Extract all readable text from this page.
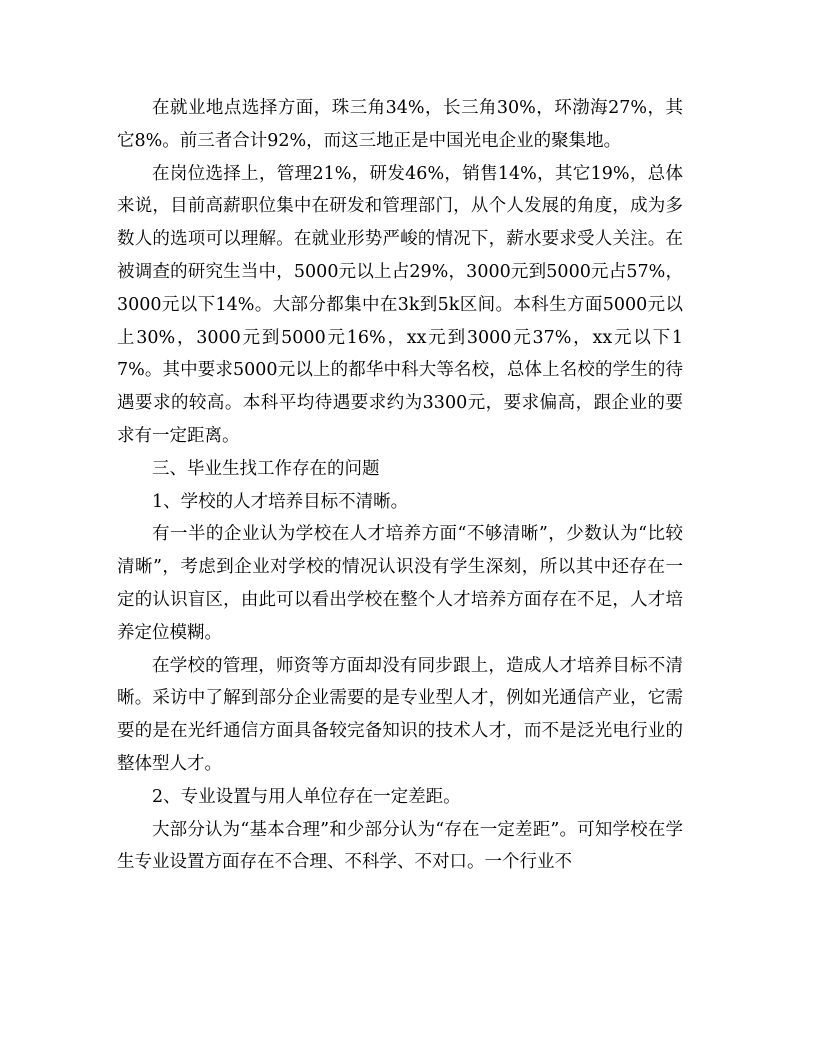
在就业地点选择方面，珠三角34%，长三角30%，环渤海27%，其它8%。前三者合计92%，而这三地正是中国光电企业的聚集地。

在岗位选择上，管理21%，研发46%，销售14%，其它19%，总体来说，目前高薪职位集中在研发和管理部门，从个人发展的角度，成为多数人的选项可以理解。在就业形势严峻的情况下，薪水要求受人关注。在被调查的研究生当中，5000元以上占29%，3000元到5000元占57%，3000元以下14%。大部分都集中在3k到5k区间。本科生方面5000元以上30%，3000元到5000元16%，xx元到3000元37%，xx元以下17%。其中要求5000元以上的都华中科大等名校，总体上名校的学生的待遇要求的较高。本科平均待遇要求约为3300元，要求偏高，跟企业的要求有一定距离。

三、毕业生找工作存在的问题

1、学校的人才培养目标不清晰。

有一半的企业认为学校在人才培养方面“不够清晰”，少数认为“比较清晰”，考虑到企业对学校的情况认识没有学生深刻，所以其中还存在一定的认识盲区，由此可以看出学校在整个人才培养方面存在不足，人才培养定位模糊。

在学校的管理，师资等方面却没有同步跟上，造成人才培养目标不清晰。采访中了解到部分企业需要的是专业型人才，例如光通信产业，它需要的是在光纤通信方面具备较完备知识的技术人才，而不是泛光电行业的整体型人才。

2、专业设置与用人单位存在一定差距。

大部分认为“基本合理”和少部分认为“存在一定差距”。可知学校在学生专业设置方面存在不合理、不科学、不对口。一个行业不
